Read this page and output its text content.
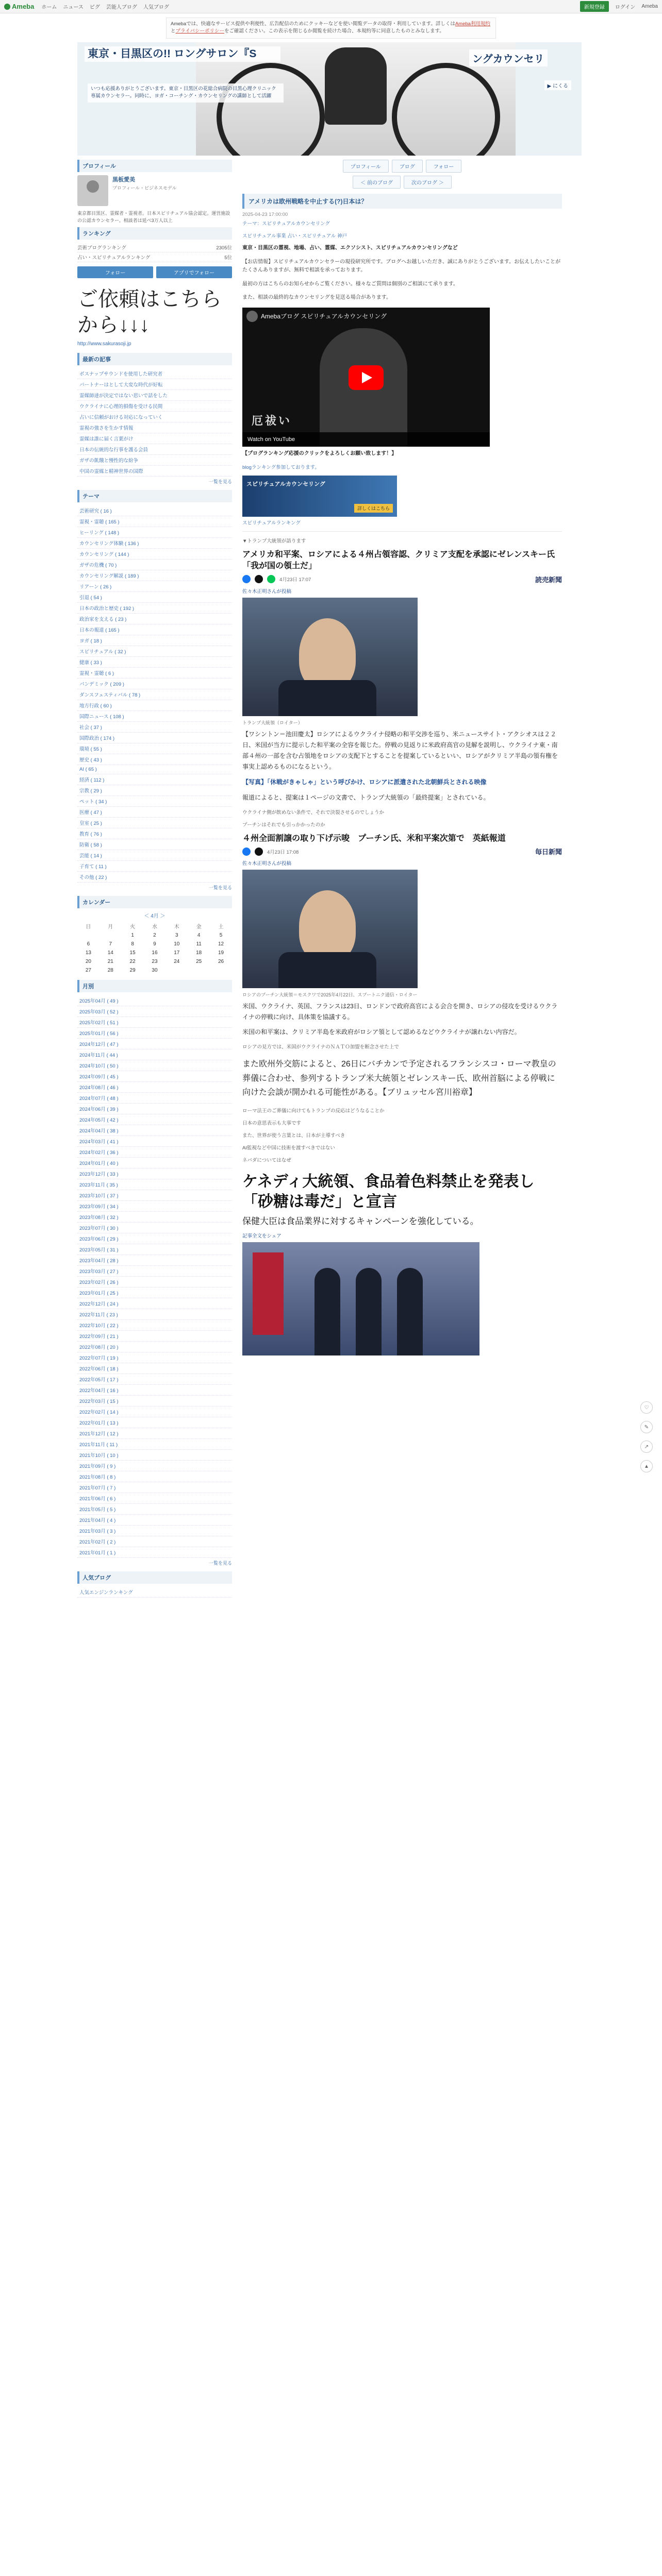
Ameba ホーム ニュース ピグ 芸能人ブログ 人気ブログ	新規登録	ログイン Ameba
Amebaでは、快適なサービス提供や利便性、広告配信のためにクッキーなどを使い閲覧データの取得・利用しています。詳しくはAmeba利用規約とプライバシーポリシーをご確認ください。この表示を閉じるか閲覧を続けた場合、本規約等に同意したものとみなします。
東京・目黒区の!! ロングサロン『S	ングカウンセリ
いつも応援ありがとうございます。東京・目黒区の花総合病院の目黒心理クリニック 専属カウンセラー。同時に、ヨガ・コーチング・カウンセリングの講師として活躍
▶ にくる
プロフィール
黒板愛美
プロフィール・ビジネスモデル
東京都目黒区、霊媒者・霊視者。日本スピリチュアル協会認定。運営施設の公認カウンセラー。相談者は延べ3万人以上
ランキング
芸術ブログランキング	2305位
占い・スピリチュアルランキング	5位
フォロー	アプリでフォロー
ご依頼はこちらから↓↓↓
http://www.sakurasoji.jp
最新の記事
ボスナップサウンドを使用した研究者
パートナーはとして大変な時代が好転
霊媒師達が決定ではない思いで話をした
ウクライナに心理的損傷を受ける民間
占いに信頼がおける対応になっていく
霊視の強さを生かす情報
霊媒は誰に届く言葉がけ
日本の伝統的な行事を護る会員
ガザの飢餓と慢性的な紛争
中国の霊媒と精神世界の国際
一覧を見る
テーマ
芸術研究 ( 16 )
霊視・霊聴 ( 165 )
ヒーリング ( 148 )
カウンセリング体験 ( 136 )
カウンセリング ( 144 )
ガザの危機 ( 70 )
カウンセリング解説 ( 189 )
リアーン ( 26 )
引退 ( 54 )
日本の政治と歴史 ( 192 )
政治家を支える ( 23 )
日本の報道 ( 165 )
ヨガ ( 18 )
スピリチュアル ( 32 )
健康 ( 33 )
霊視・霊聴 ( 6 )
パンデミック ( 209 )
ダンスフェスティバル ( 78 )
地方行政 ( 60 )
国際ニュース ( 108 )
社会 ( 37 )
国際政治 ( 174 )
環境 ( 55 )
歴史 ( 43 )
AI ( 65 )
経済 ( 112 )
宗教 ( 29 )
ペット ( 34 )
医療 ( 47 )
皇室 ( 25 )
教育 ( 76 )
防衛 ( 58 )
芸能 ( 14 )
子育て ( 11 )
その他 ( 22 )
一覧を見る
カレンダー
＜ 4月 ＞
日	月	火	水	木	金	土
		1	2	3	4	5
6	7	8	9	10	11	12
13	14	15	16	17	18	19
20	21	22	23	24	25	26
27	28	29	30			
月別
2025年04月 ( 49 )
2025年03月 ( 52 )
2025年02月 ( 51 )
2025年01月 ( 56 )
2024年12月 ( 47 )
2024年11月 ( 44 )
2024年10月 ( 50 )
2024年09月 ( 45 )
2024年08月 ( 46 )
2024年07月 ( 48 )
2024年06月 ( 39 )
2024年05月 ( 42 )
2024年04月 ( 38 )
2024年03月 ( 41 )
2024年02月 ( 36 )
2024年01月 ( 40 )
2023年12月 ( 33 )
2023年11月 ( 35 )
2023年10月 ( 37 )
2023年09月 ( 34 )
2023年08月 ( 32 )
2023年07月 ( 30 )
2023年06月 ( 29 )
2023年05月 ( 31 )
2023年04月 ( 28 )
2023年03月 ( 27 )
2023年02月 ( 26 )
2023年01月 ( 25 )
2022年12月 ( 24 )
2022年11月 ( 23 )
2022年10月 ( 22 )
2022年09月 ( 21 )
2022年08月 ( 20 )
2022年07月 ( 19 )
2022年06月 ( 18 )
2022年05月 ( 17 )
2022年04月 ( 16 )
2022年03月 ( 15 )
2022年02月 ( 14 )
2022年01月 ( 13 )
2021年12月 ( 12 )
2021年11月 ( 11 )
2021年10月 ( 10 )
2021年09月 ( 9 )
2021年08月 ( 8 )
2021年07月 ( 7 )
2021年06月 ( 6 )
2021年05月 ( 5 )
2021年04月 ( 4 )
2021年03月 ( 3 )
2021年02月 ( 2 )
2021年01月 ( 1 )
一覧を見る
人気ブログ
人気エンジンランキング
プロフィール	ブログ	フォロー
＜ 前のブログ	次のブログ ＞
アメリカは欧州戦略を中止する(?)日本は？
2025-04-23 17:00:00
テーマ：スピリチュアルカウンセリング
スピリチュアル事業 占い・スピリチュアル 神戸

東京・目黒区の霊視、地場、占い、霊媒、エクソシスト、スピリチュアルカウンセリングなど

【お店情報】スピリチュアルカウンセラーの現役研究所です。ブログへお越しいただき、誠にありがとうございます。お伝えしたいことがたくさんありますが、無料で相談を承っております。

最初の方はこちらのお知らせからご覧ください。様々なご質問は個別のご相談にて承ります。

また、相談の最終的なカウンセリングを見送る場合があります。

Amebaブログ スピリチュアルカウンセリング
厄祓い
Watch on YouTube

【プログランキング応援のクリックをよろしくお願い致します！】

blogランキング参加しております。

スピリチュアルカウンセリング
詳しくはこちら
スピリチュアルランキング
▼トランプ大統領が語ります
アメリカ和平案、ロシアによる４州占領容認、クリミア支配を承認にゼレンスキー氏「我が国の領土だ」
4月23日 17:07	読売新聞
佐々木正明さんが投稿
トランプ大統領（ロイター）

【ワシントン＝池田慶太】ロシアによるウクライナ侵略の和平交渉を巡り、米ニュースサイト・アクシオスは２２日、米国が当方に提示した和平案の全容を報じた。停戦の見返りに米政府高官の見解を説明し、ウクライナ東・南部４州の一部を含む占領地をロシアの支配下とすることを提案しているといい、ロシアがクリミア半島の領有権を事実上認めるものになるという。

【写真】「休戦がきゃしゃ」という呼びかけ、ロシアに派遣された北朝鮮兵とされる映像

報道によると、提案は１ページの文書で、トランプ大統領の「最終提案」とされている。

ウクライナ側が飲めない条件で、それで決裂させるのでしょうか

プーチンはそれでも引っかかったのか

４州全面割譲の取り下げ示唆　プーチン氏、米和平案次第で　英紙報道
4月23日 17:08	毎日新聞
佐々木正明さんが投稿
ロシアのプーチン大統領＝モスクワで2025年4月22日、スプートニク通信・ロイター

米国、ウクライナ、英国、フランスは23日、ロンドンで政府高官による会合を開き、ロシアの侵攻を受けるウクライナの停戦に向け、具体策を協議する。

米国の和平案は、クリミア半島を米政府がロシア領として認めるなどウクライナが譲れない内容だ。

ロシアの見方では、米国がウクライナのＮＡＴＯ加盟を断念させた上で

また欧州外交筋によると、26日にバチカンで予定されるフランシスコ・ローマ教皇の葬儀に合わせ、参列するトランプ米大統領とゼレンスキー氏、欧州首脳による停戦に向けた会談が開かれる可能性がある。【ブリュッセル宮川裕章】

ローマ法王のご葬儀に向けてもトランプの反応はどうなることか

日本の意思表示も大事です

また、世界が使う言葉とは、日本が主導すべき

AI監視など中国に技術を渡すべきではない

ネバダについてはなぜ

ケネディ大統領、食品着色料禁止を発表し「砂糖は毒だ」と宣言
保健大臣は食品業界に対するキャンペーンを強化している。
記事全文をシェア
♡
✎
↗
▲
